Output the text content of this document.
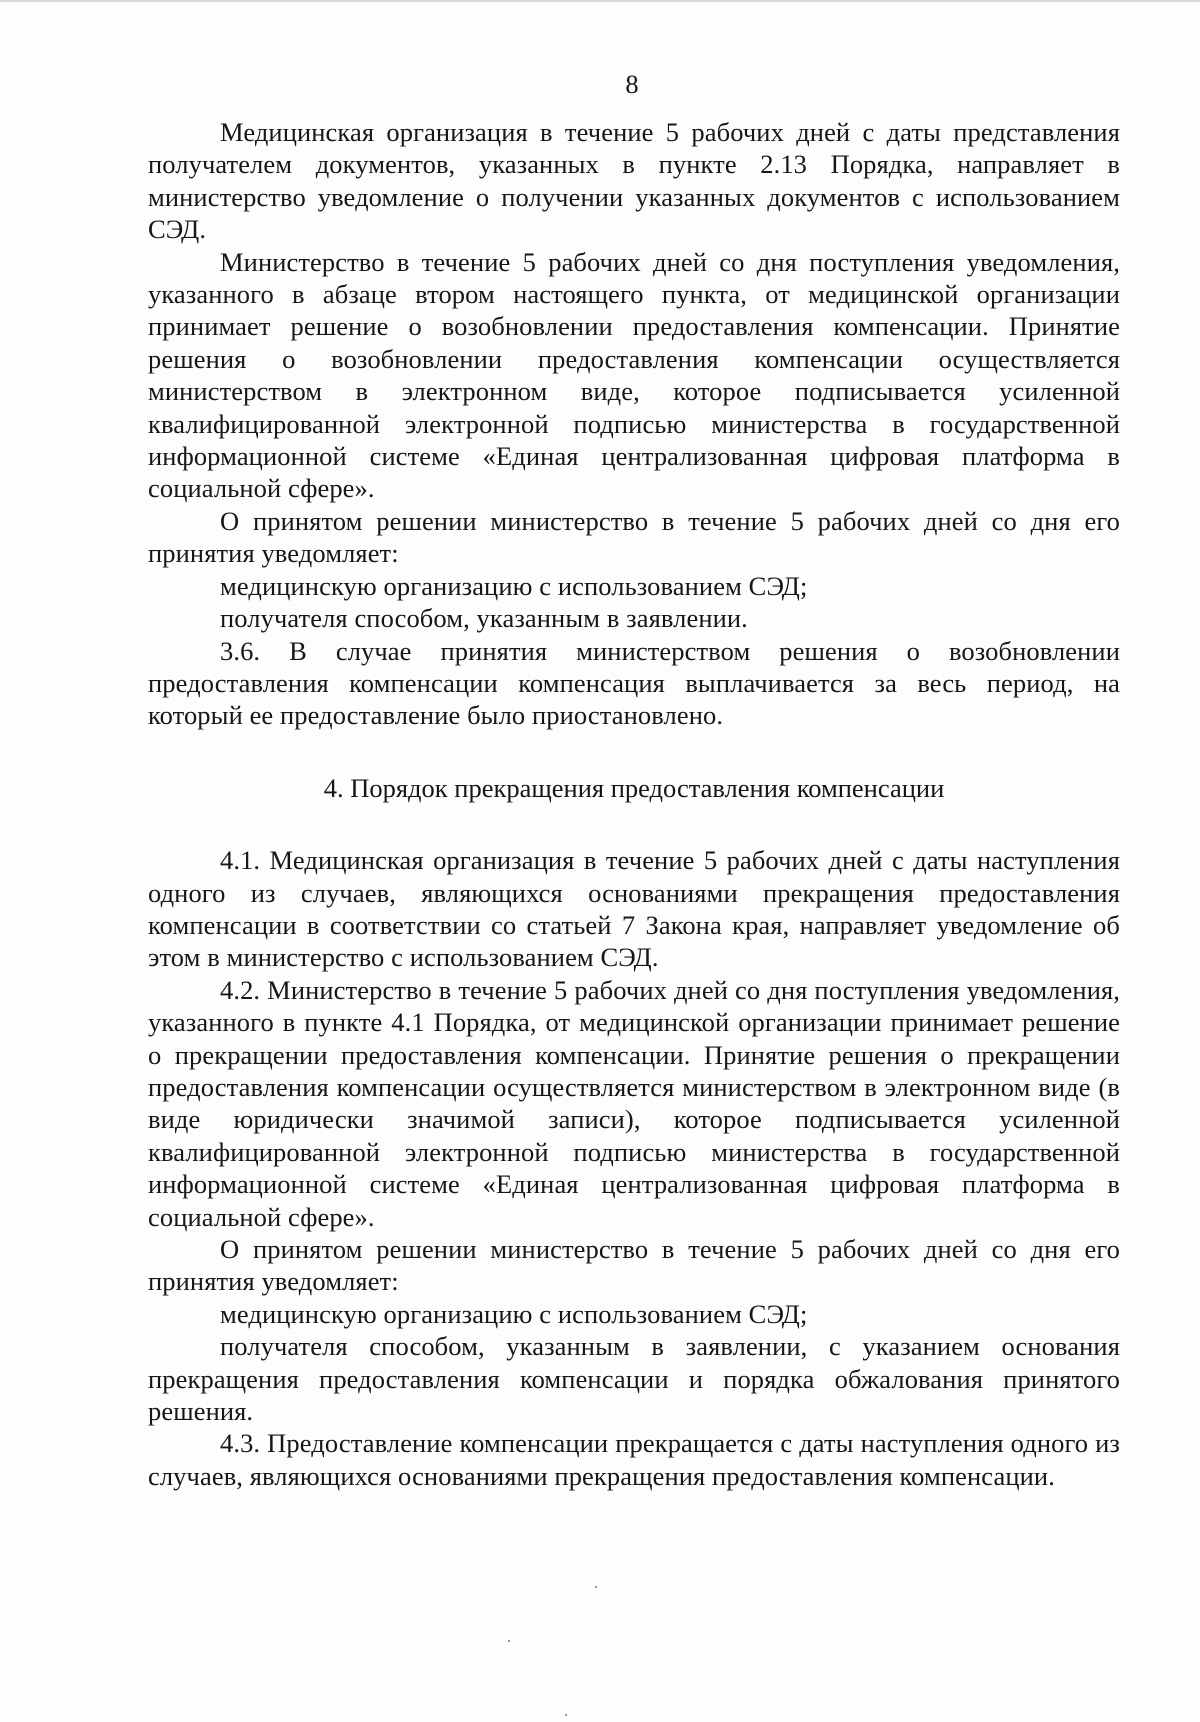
8

Медицинская организация в течение 5 рабочих дней с даты представления получателем документов, указанных в пункте 2.13 Порядка, направляет в министерство уведомление о получении указанных документов с использованием СЭД.

Министерство в течение 5 рабочих дней со дня поступления уведомления, указанного в абзаце втором настоящего пункта, от медицинской организации принимает решение о возобновлении предоставления компенсации. Принятие решения о возобновлении предоставления компенсации осуществляется министерством в электронном виде, которое подписывается усиленной квалифицированной электронной подписью министерства в государственной информационной системе «Единая централизованная цифровая платформа в социальной сфере».

О принятом решении министерство в течение 5 рабочих дней со дня его принятия уведомляет:

медицинскую организацию с использованием СЭД;

получателя способом, указанным в заявлении.

3.6. В случае принятия министерством решения о возобновлении предоставления компенсации компенсация выплачивается за весь период, на который ее предоставление было приостановлено.

4. Порядок прекращения предоставления компенсации

4.1. Медицинская организация в течение 5 рабочих дней с даты наступления одного из случаев, являющихся основаниями прекращения предоставления компенсации в соответствии со статьей 7 Закона края, направляет уведомление об этом в министерство с использованием СЭД.

4.2. Министерство в течение 5 рабочих дней со дня поступления уведомления, указанного в пункте 4.1 Порядка, от медицинской организации принимает решение о прекращении предоставления компенсации. Принятие решения о прекращении предоставления компенсации осуществляется министерством в электронном виде (в виде юридически значимой записи), которое подписывается усиленной квалифицированной электронной подписью министерства в государственной информационной системе «Единая централизованная цифровая платформа в социальной сфере».

О принятом решении министерство в течение 5 рабочих дней со дня его принятия уведомляет:

медицинскую организацию с использованием СЭД;

получателя способом, указанным в заявлении, с указанием основания прекращения предоставления компенсации и порядка обжалования принятого решения.

4.3. Предоставление компенсации прекращается с даты наступления одного из случаев, являющихся основаниями прекращения предоставления компенсации.
